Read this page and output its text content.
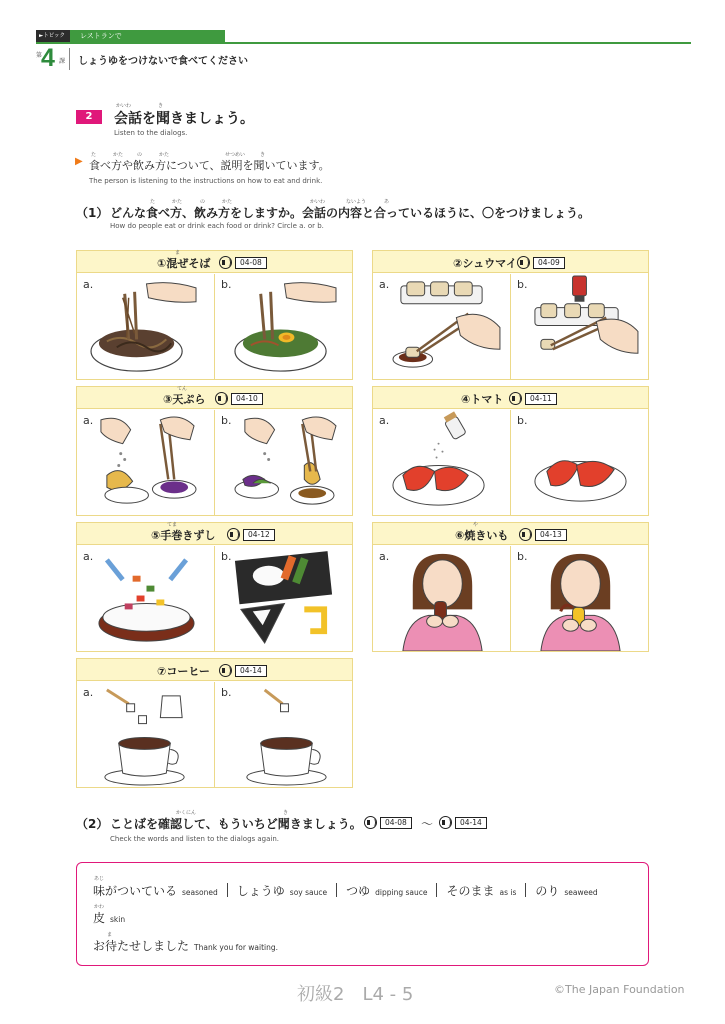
►トピック	レストランで
第
4 課 しょうゆをつけないで食べてください
2
かいわ	き
会話を聞きましょう。
Listen to the dialogs.
▶
た	かた	の	かた	せつめい	き
食べ方や飲み方について、説明を聞いています。
The person is listening to the instructions on how to eat and drink.
た	かた	の	かた	かいわ	ないよう	あ
（1） どんな食べ方、飲み方をしますか。会話の内容と合っているほうに、〇をつけましょう。
How do people eat or drink each food or drink? Circle a. or b.
ま
①混ぜそば	04-08
a.	b.
②シュウマイ	04-09
a.	b.
てん
③天ぷら	04-10
a.	b.
④トマト	04-11
a.	b.
てま
⑤手巻きずし	04-12
a.	b.
や
⑥焼きいも	04-13
a.	b.
⑦コーヒー	04-14
a.	b.
かくにん	き
（2） ことばを確認して、もういちど聞きましょう。	04-08	〜	04-14
Check the words and listen to the dialogs again.
あじ
味がついている seasoned しょうゆ soy sauce つゆ dipping sauce そのまま as is のり seaweed
かわ
皮 skin
ま
お待たせしました Thank you for waiting.
初級2　L4 - 5	©The Japan Foundation
